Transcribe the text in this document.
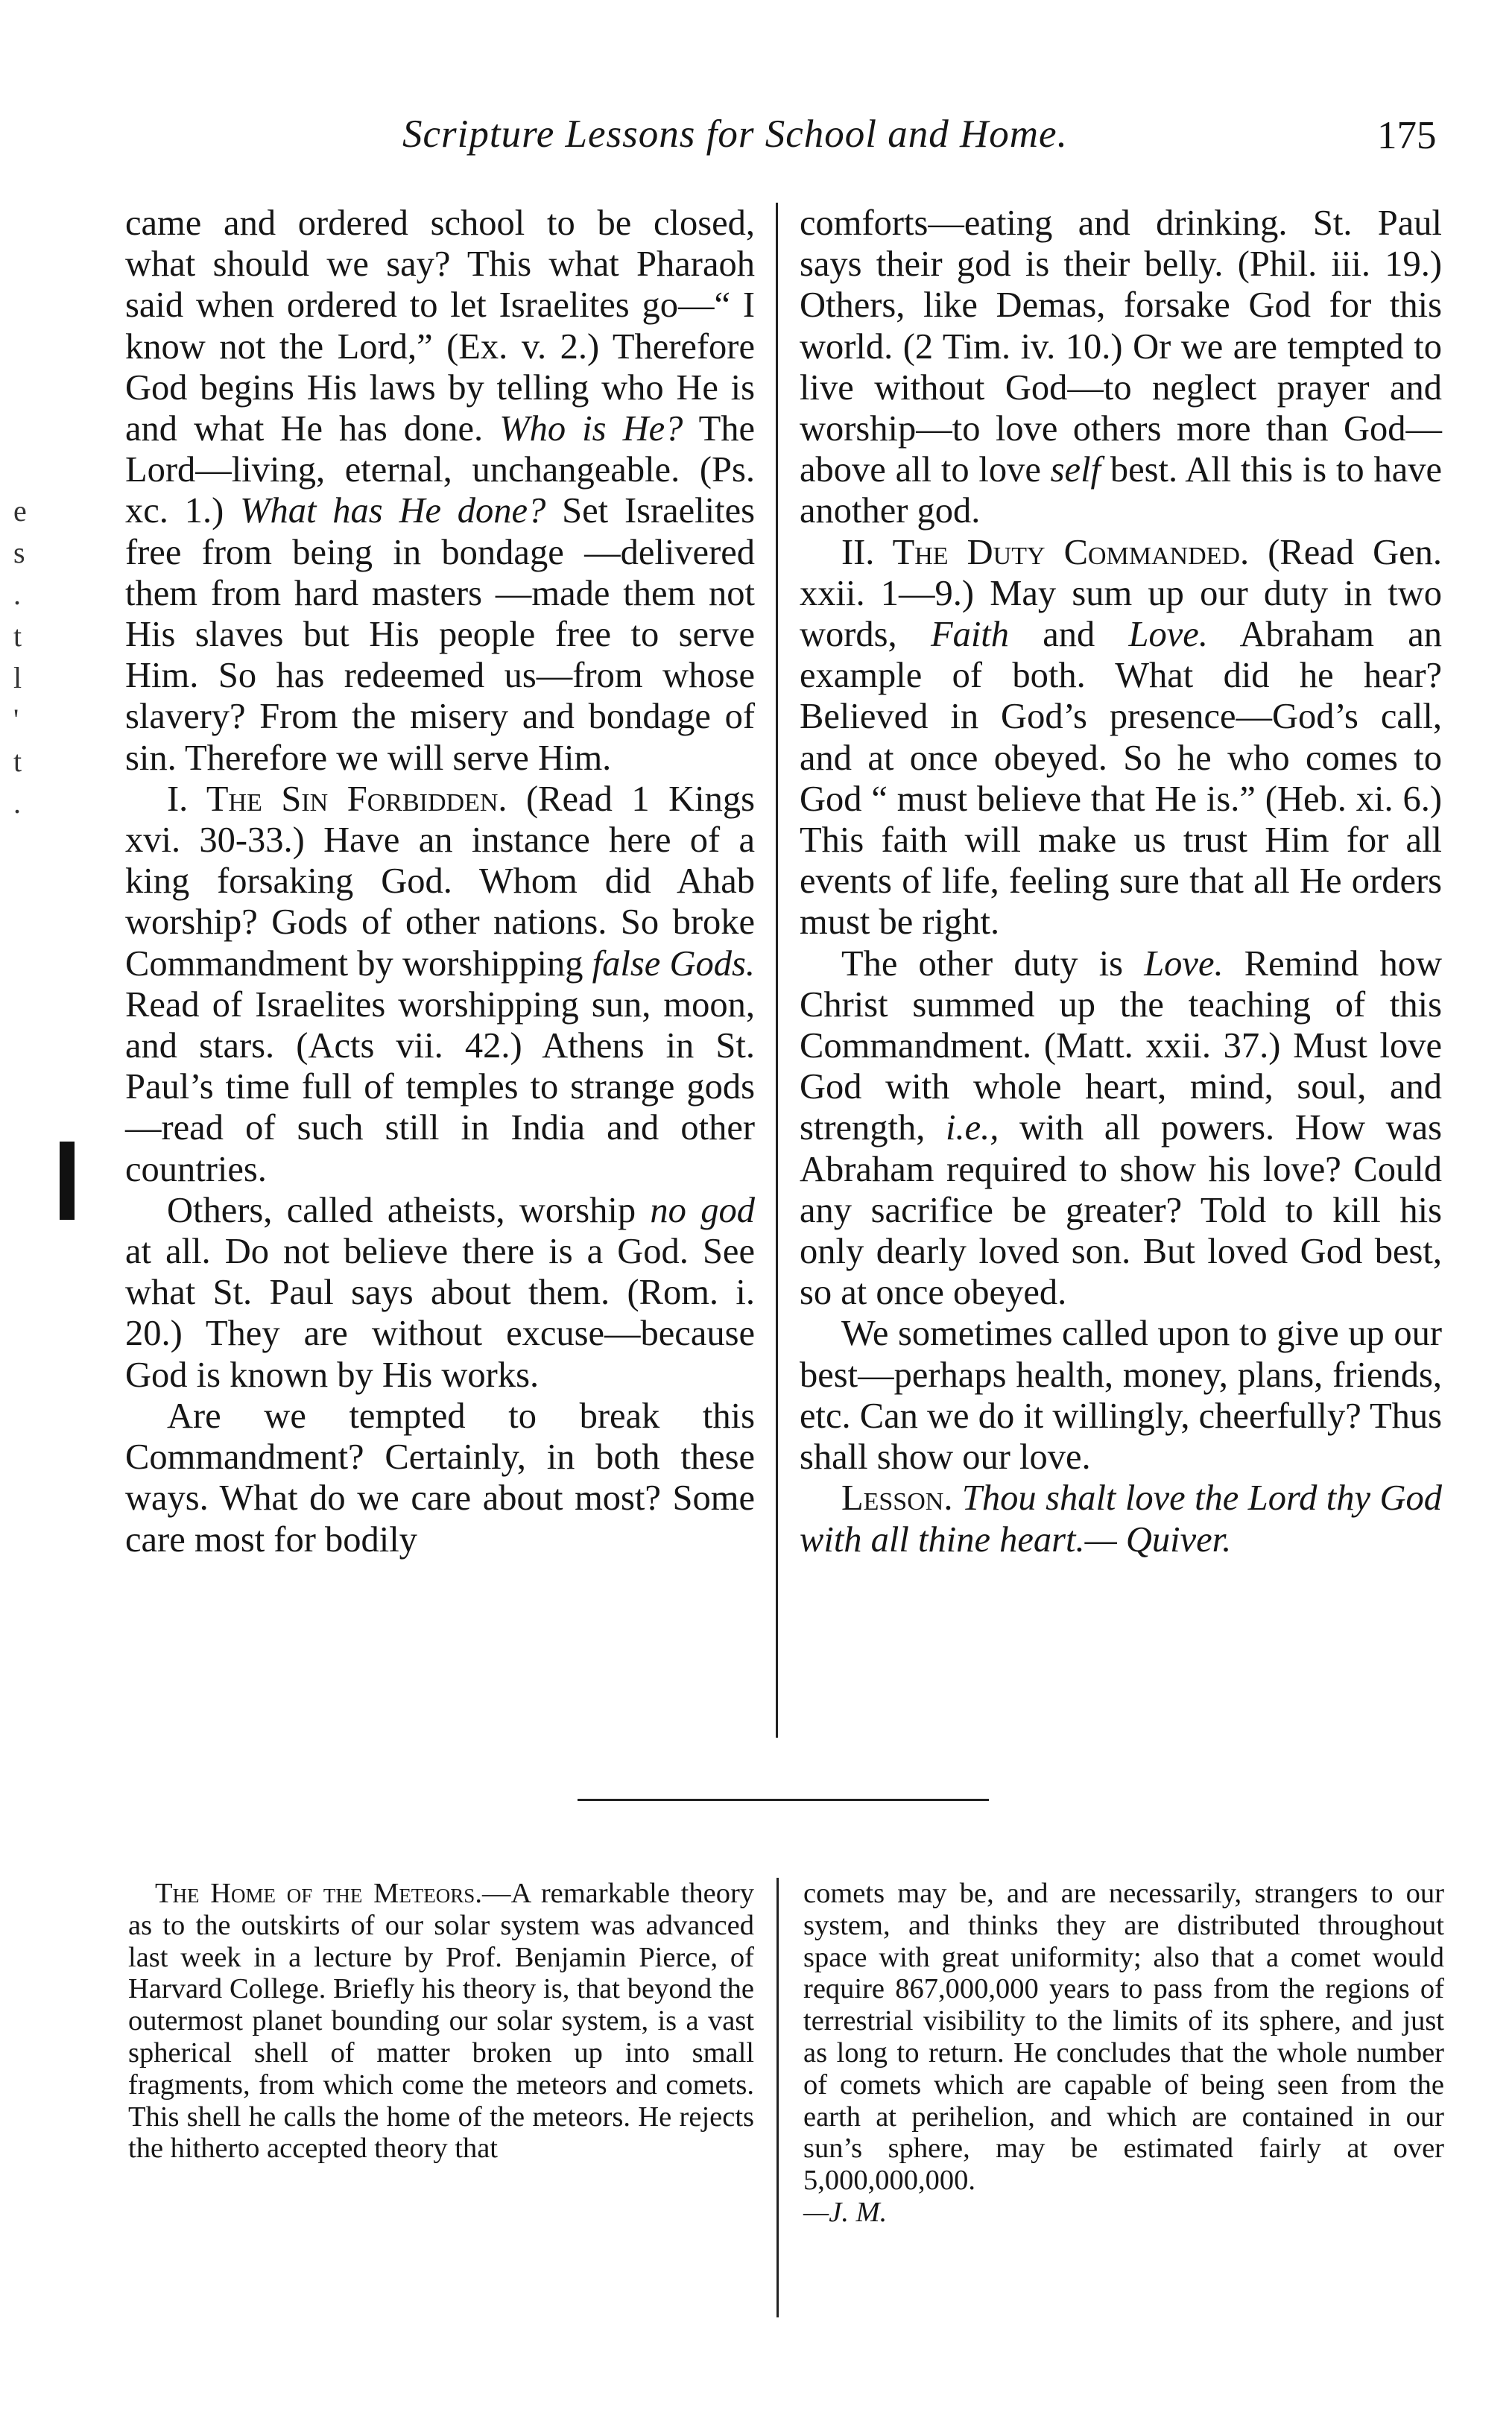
Scripture Lessons for School and Home.	175
e
s
.
t
l
'
t
.

came and ordered school to be closed, what should we say? This what Pharaoh said when ordered to let Israelites go—“ I know not the Lord,” (Ex. v. 2.) Therefore God begins His laws by telling who He is and what He has done. Who is He? The Lord—living, eternal, unchangeable. (Ps. xc. 1.) What has He done? Set Israelites free from being in bondage —delivered them from hard masters —made them not His slaves but His people free to serve Him. So has redeemed us—from whose slavery? From the misery and bondage of sin. Therefore we will serve Him.

I. The Sin Forbidden. (Read 1 Kings xvi. 30-33.) Have an instance here of a king forsaking God. Whom did Ahab worship? Gods of other nations. So broke Commandment by worshipping false Gods. Read of Israelites worshipping sun, moon, and stars. (Acts vii. 42.) Athens in St. Paul’s time full of temples to strange gods—read of such still in India and other countries.

Others, called atheists, worship no god at all. Do not believe there is a God. See what St. Paul says about them. (Rom. i. 20.) They are without excuse—because God is known by His works.

Are we tempted to break this Commandment? Certainly, in both these ways. What do we care about most? Some care most for bodily

comforts—eating and drinking. St. Paul says their god is their belly. (Phil. iii. 19.) Others, like Demas, forsake God for this world. (2 Tim. iv. 10.) Or we are tempted to live without God—to neglect prayer and worship—to love others more than God—above all to love self best. All this is to have another god.

II. The Duty Commanded. (Read Gen. xxii. 1—9.) May sum up our duty in two words, Faith and Love. Abraham an example of both. What did he hear? Believed in God’s presence—God’s call, and at once obeyed. So he who comes to God “ must believe that He is.” (Heb. xi. 6.) This faith will make us trust Him for all events of life, feeling sure that all He orders must be right.

The other duty is Love. Remind how Christ summed up the teaching of this Commandment. (Matt. xxii. 37.) Must love God with whole heart, mind, soul, and strength, i.e., with all powers. How was Abraham required to show his love? Could any sacrifice be greater? Told to kill his only dearly loved son. But loved God best, so at once obeyed.

We sometimes called upon to give up our best—perhaps health, money, plans, friends, etc. Can we do it willingly, cheerfully? Thus shall show our love.

Lesson. Thou shalt love the Lord thy God with all thine heart.— Quiver.

The Home of the Meteors.—A remarkable theory as to the outskirts of our solar system was advanced last week in a lecture by Prof. Benjamin Pierce, of Harvard College. Briefly his theory is, that beyond the outermost planet bounding our solar system, is a vast spherical shell of matter broken up into small fragments, from which come the meteors and comets. This shell he calls the home of the meteors. He rejects the hitherto accepted theory that

comets may be, and are necessarily, strangers to our system, and thinks they are distributed throughout space with great uniformity; also that a comet would require 867,000,000 years to pass from the regions of terrestrial visibility to the limits of its sphere, and just as long to return. He concludes that the whole number of comets which are capable of being seen from the earth at perihelion, and which are contained in our sun’s sphere, may be estimated fairly at over 5,000,000,000.
—J. M.
